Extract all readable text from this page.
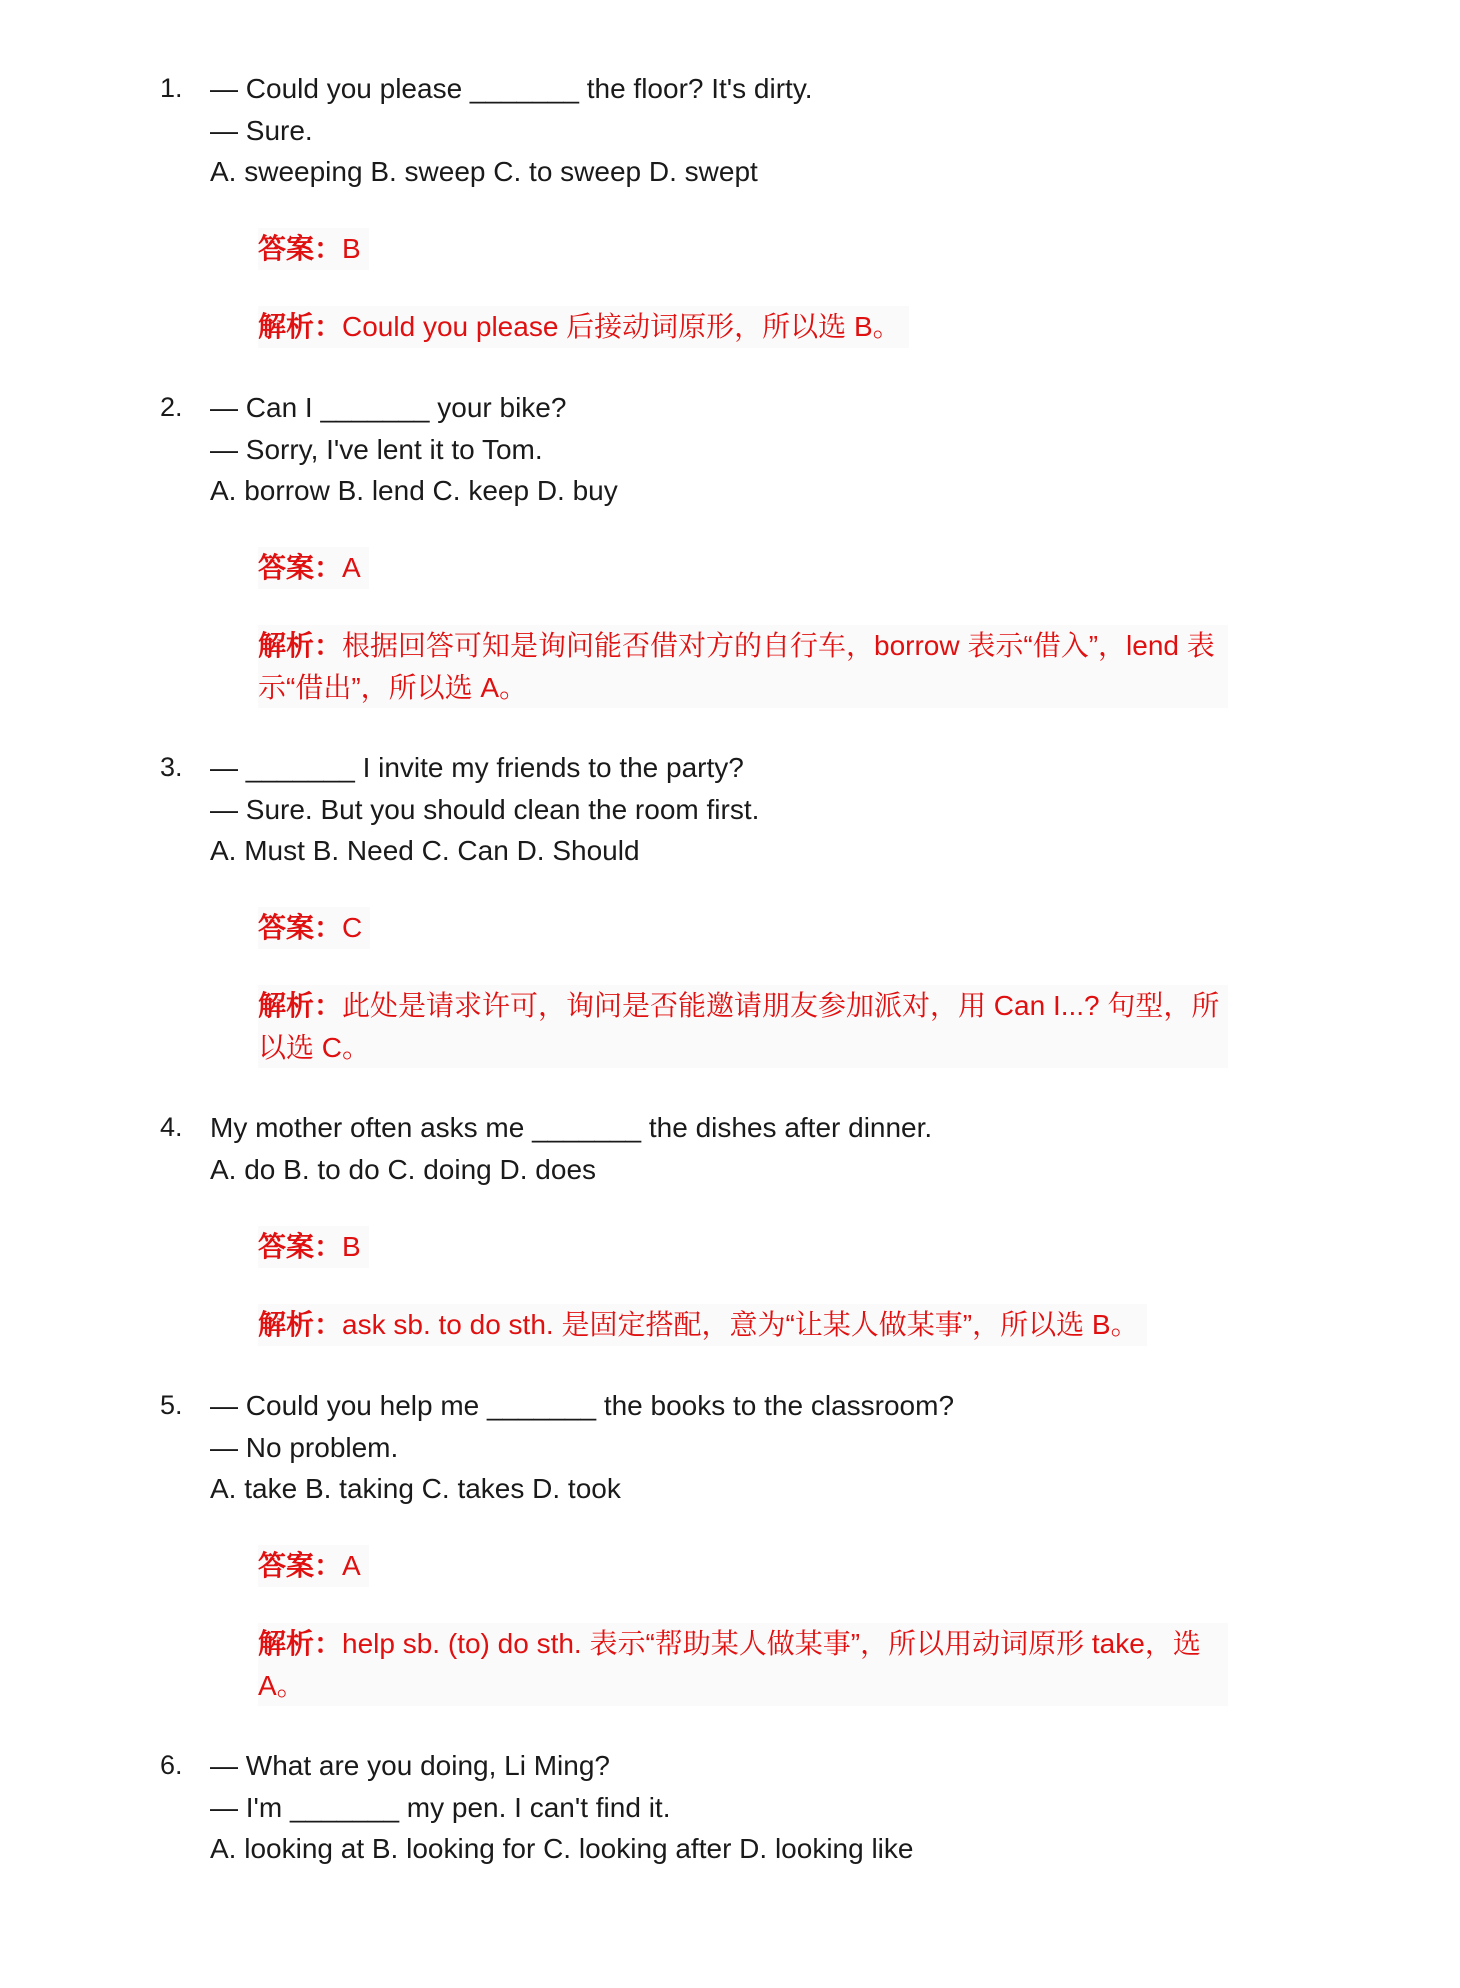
1. — Could you please _______ the floor? It's dirty.
— Sure.
A. sweeping B. sweep C. to sweep D. swept
答案：B
解析：Could you please 后接动词原形，所以选 B。
2. — Can I _______ your bike?
— Sorry, I've lent it to Tom.
A. borrow B. lend C. keep D. buy
答案：A
解析：根据回答可知是询问能否借对方的自行车，borrow 表示“借入”，lend 表示“借出”，所以选 A。
3. — _______ I invite my friends to the party?
— Sure. But you should clean the room first.
A. Must B. Need C. Can D. Should
答案：C
解析：此处是请求许可，询问是否能邀请朋友参加派对，用 Can I...? 句型，所以选 C。
4. My mother often asks me _______ the dishes after dinner.
A. do B. to do C. doing D. does
答案：B
解析：ask sb. to do sth. 是固定搭配，意为“让某人做某事”，所以选 B。
5. — Could you help me _______ the books to the classroom?
— No problem.
A. take B. taking C. takes D. took
答案：A
解析：help sb. (to) do sth. 表示“帮助某人做某事”，所以用动词原形 take，选 A。
6. — What are you doing, Li Ming?
— I'm _______ my pen. I can't find it.
A. looking at B. looking for C. looking after D. looking like
